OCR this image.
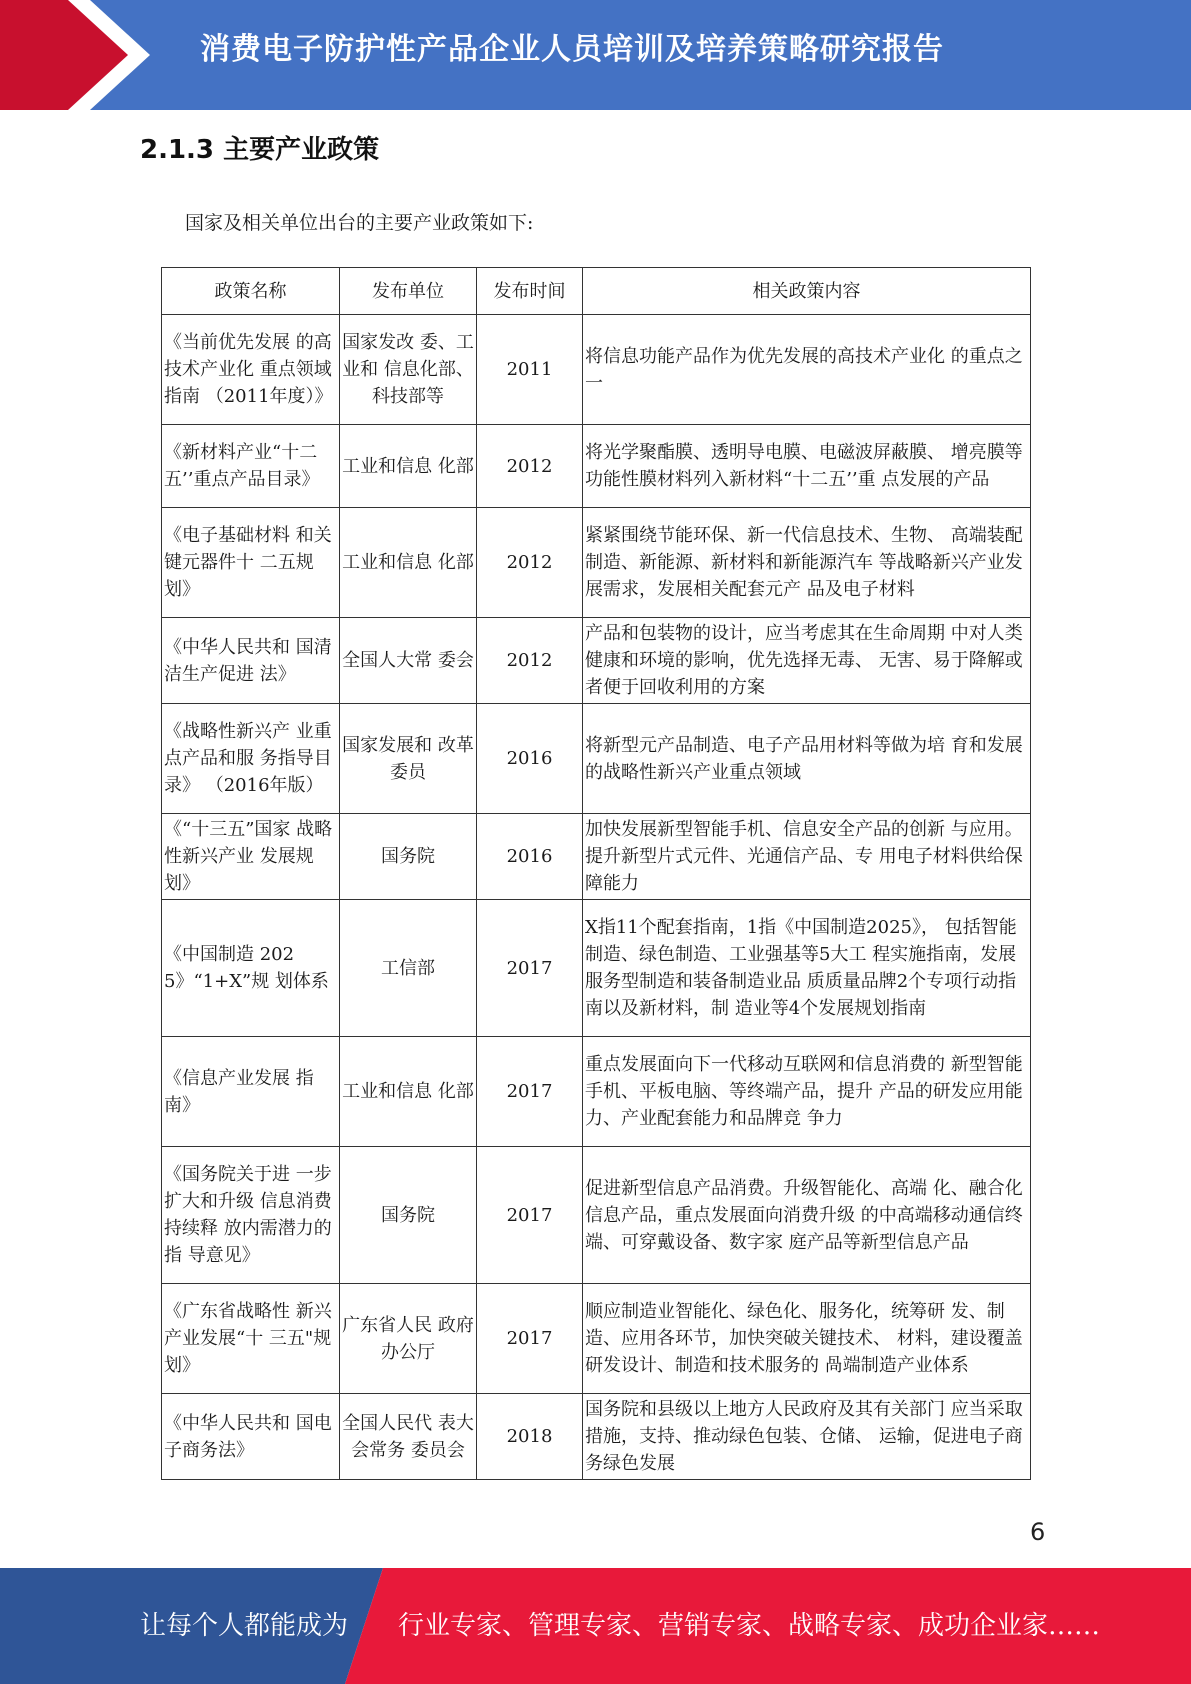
消费电子防护性产品企业人员培训及培养策略研究报告
2.1.3 主要产业政策
国家及相关单位出台的主要产业政策如下:
政策名称	发布单位	发布时间	相关政策内容
《当前优先发展 的高技术产业化 重点领域指南 （2011年度）》	国家发改 委、工业和 信息化部、 科技部等	2011	将信息功能产品作为优先发展的高技术产业化 的重点之一
《新材料产业“十二五’’重点产品目录》	工业和信息 化部	2012	将光学聚酯膜、透明导电膜、电磁波屏蔽膜、 增亮膜等功能性膜材料列入新材料“十二五’’重 点发展的产品
《电子基础材料 和关键元器件十 二五规划》	工业和信息 化部	2012	紧紧围绕节能环保、新一代信息技术、生物、 高端装配制造、新能源、新材料和新能源汽车 等战略新兴产业发展需求，发展相关配套元产 品及电子材料
《中华人民共和 国清洁生产促进 法》	全国人大常 委会	2012	产品和包装物的设计，应当考虑其在生命周期 中对人类健康和环境的影响，优先选择无毒、 无害、易于降解或者便于回收利用的方案
《战略性新兴产 业重点产品和服 务指导目录》 （2016年版）	国家发展和 改革委员	2016	将新型元产品制造、电子产品用材料等做为培 育和发展的战略性新兴产业重点领域
《“十三五”国家 战略性新兴产业 发展规划》	国务院	2016	加快发展新型智能手机、信息安全产品的创新 与应用。提升新型片式元件、光通信产品、专 用电子材料供给保障能力
《中国制造 2025》“1+X”规 划体系	工信部	2017	X指11个配套指南，1指《中国制造2025》， 包括智能制造、绿色制造、工业强基等5大工 程实施指南，发展服务型制造和装备制造业品 质质量品牌2个专项行动指南以及新材料，制 造业等4个发展规划指南
《信息产业发展 指南》	工业和信息 化部	2017	重点发展面向下一代移动互联网和信息消费的 新型智能手机、平板电脑、等终端产品，提升 产品的研发应用能力、产业配套能力和品牌竞 争力
《国务院关于进 一步扩大和升级 信息消费持续释 放内需潜力的指 导意见》	国务院	2017	促进新型信息产品消费。升级智能化、高端 化、融合化信息产品，重点发展面向消费升级 的中高端移动通信终端、可穿戴设备、数字家 庭产品等新型信息产品
《广东省战略性 新兴产业发展“十 三五"规划》	广东省人民 政府办公厅	2017	顺应制造业智能化、绿色化、服务化，统筹研 发、制造、应用各环节，加快突破关键技术、 材料，建设覆盖研发设计、制造和技术服务的 咼端制造产业体系
《中华人民共和 国电子商务法》	全国人民代 表大会常务 委员会	2018	国务院和县级以上地方人民政府及其有关部门 应当采取措施，支持、推动绿色包装、仓储、 运输，促进电子商务绿色发展
6
让每个人都能成为 行业专家、管理专家、营销专家、战略专家、成功企业家……
